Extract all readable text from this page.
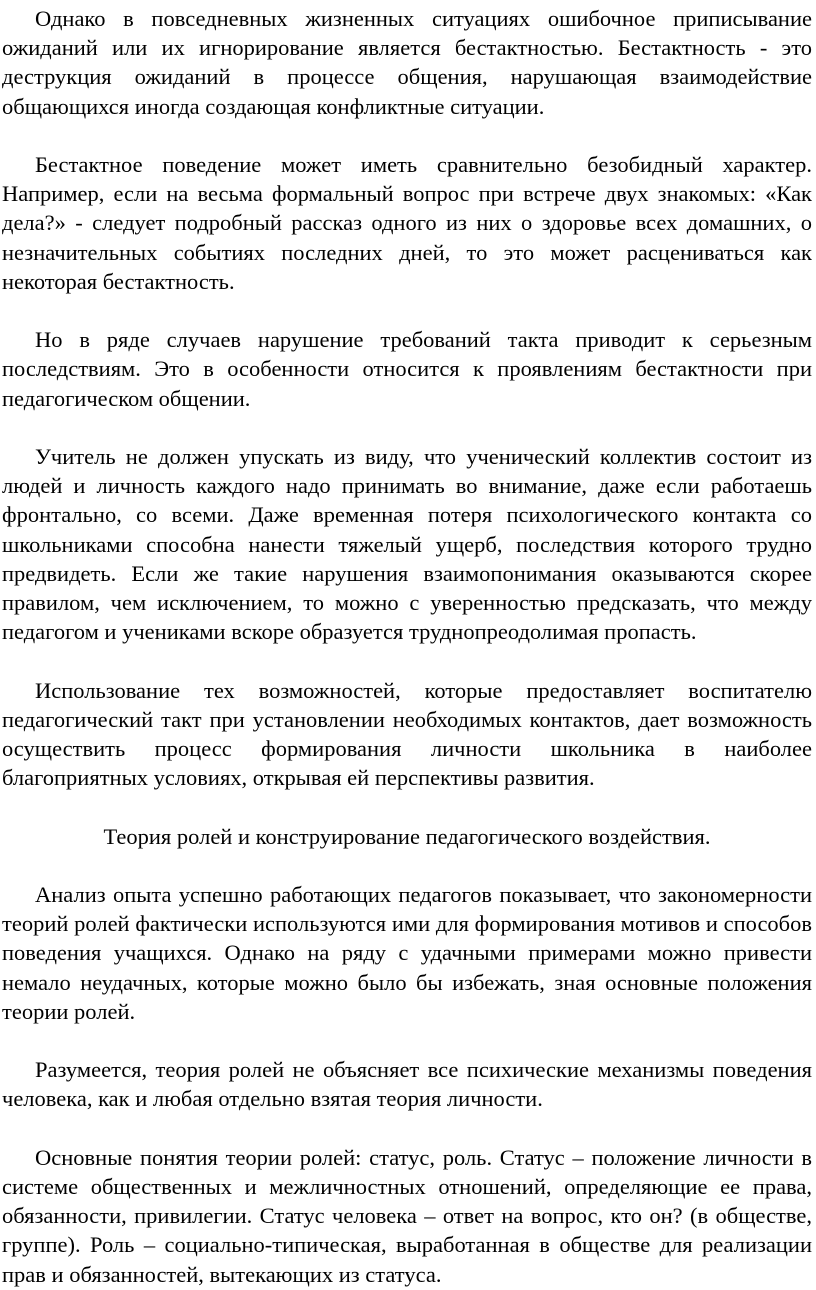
Однако в повседневных жизненных ситуациях ошибочное приписывание ожиданий или их игнорирование является бестактностью. Бестактность - это деструкция ожиданий в процессе общения, нарушающая взаимодействие общающихся иногда создающая конфликтные ситуации.

Бестактное поведение может иметь сравнительно безобидный характер. Например, если на весьма формальный вопрос при встрече двух знакомых: «Как дела?» - следует подробный рассказ одного из них о здоровье всех домашних, о незначительных событиях последних дней, то это может расцениваться как некоторая бестактность.

Но в ряде случаев нарушение требований такта приводит к серьезным последствиям. Это в особенности относится к проявлениям бестактности при педагогическом общении.

Учитель не должен упускать из виду, что ученический коллектив состоит из людей и личность каждого надо принимать во внимание, даже если работаешь фронтально, со всеми. Даже временная потеря психологического контакта со школьниками способна нанести тяжелый ущерб, последствия которого трудно предвидеть. Если же такие нарушения взаимопонимания оказываются скорее правилом, чем исключением, то можно с уверенностью предсказать, что между педагогом и учениками вскоре образуется труднопреодолимая пропасть.

Использование тех возможностей, которые предоставляет воспитателю педагогический такт при установлении необходимых контактов, дает возможность осуществить процесс формирования личности школьника в наиболее благоприятных условиях, открывая ей перспективы развития.

Теория ролей и конструирование педагогического воздействия.

Анализ опыта успешно работающих педагогов показывает, что закономерности теорий ролей фактически используются ими для формирования мотивов и способов поведения учащихся. Однако на ряду с удачными примерами можно привести немало неудачных, которые можно было бы избежать, зная основные положения теории ролей.

Разумеется, теория ролей не объясняет все психические механизмы поведения человека, как и любая отдельно взятая теория личности.

Основные понятия теории ролей: статус, роль. Статус – положение личности в системе общественных и межличностных отношений, определяющие ее права, обязанности, привилегии. Статус человека – ответ на вопрос, кто он? (в обществе, группе). Роль – социально-типическая, выработанная в обществе для реализации прав и обязанностей, вытекающих из статуса.
